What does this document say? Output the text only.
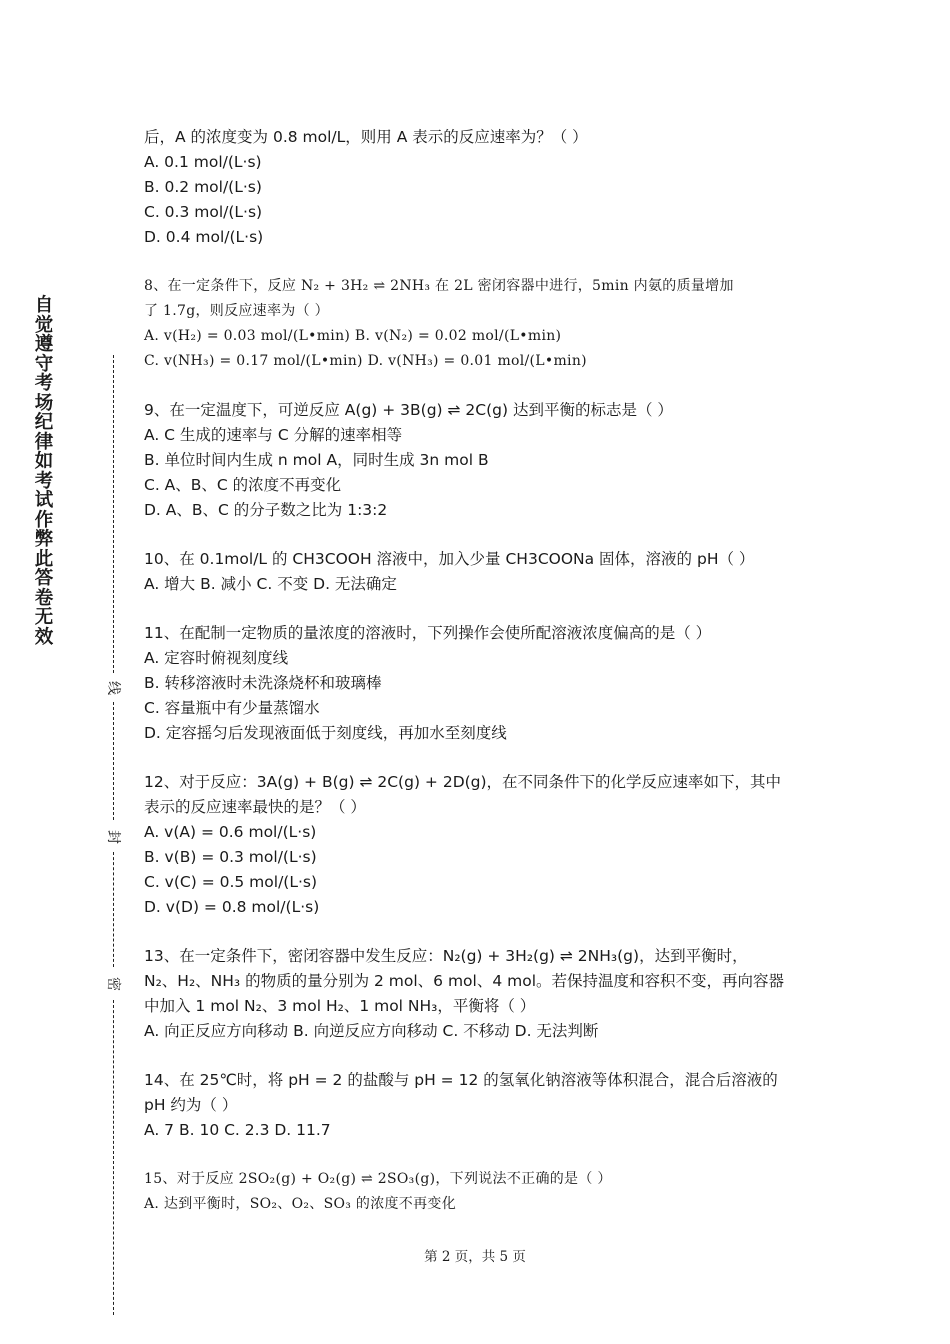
自觉遵守考场纪律如考试作弊此答卷无效
线
封
密
后，A 的浓度变为 0.8 mol/L，则用 A 表示的反应速率为？（ ）
A. 0.1 mol/(L·s)
B. 0.2 mol/(L·s)
C. 0.3 mol/(L·s)
D. 0.4 mol/(L·s)
8、在一定条件下，反应 N₂ + 3H₂ ⇌ 2NH₃ 在 2L 密闭容器中进行，5min 内氨的质量增加
了 1.7g，则反应速率为（ ）
A. v(H₂) = 0.03 mol/(L•min) B. v(N₂) = 0.02 mol/(L•min)
C. v(NH₃) = 0.17 mol/(L•min) D. v(NH₃) = 0.01 mol/(L•min)
9、在一定温度下，可逆反应 A(g) + 3B(g) ⇌ 2C(g) 达到平衡的标志是（ ）
A. C 生成的速率与 C 分解的速率相等
B. 单位时间内生成 n mol A，同时生成 3n mol B
C. A、B、C 的浓度不再变化
D. A、B、C 的分子数之比为 1:3:2
10、在 0.1mol/L 的 CH3COOH 溶液中，加入少量 CH3COONa 固体，溶液的 pH（ ）
A. 增大 B. 减小 C. 不变 D. 无法确定
11、在配制一定物质的量浓度的溶液时，下列操作会使所配溶液浓度偏高的是（ ）
A. 定容时俯视刻度线
B. 转移溶液时未洗涤烧杯和玻璃棒
C. 容量瓶中有少量蒸馏水
D. 定容摇匀后发现液面低于刻度线，再加水至刻度线
12、对于反应：3A(g) + B(g) ⇌ 2C(g) + 2D(g)，在不同条件下的化学反应速率如下，其中
表示的反应速率最快的是？（ ）
A. v(A) = 0.6 mol/(L·s)
B. v(B) = 0.3 mol/(L·s)
C. v(C) = 0.5 mol/(L·s)
D. v(D) = 0.8 mol/(L·s)
13、在一定条件下，密闭容器中发生反应：N₂(g) + 3H₂(g) ⇌ 2NH₃(g)，达到平衡时，
N₂、H₂、NH₃ 的物质的量分别为 2 mol、6 mol、4 mol。若保持温度和容积不变，再向容器
中加入 1 mol N₂、3 mol H₂、1 mol NH₃，平衡将（ ）
A. 向正反应方向移动 B. 向逆反应方向移动 C. 不移动 D. 无法判断
14、在 25℃时，将 pH = 2 的盐酸与 pH = 12 的氢氧化钠溶液等体积混合，混合后溶液的
pH 约为（ ）
A. 7 B. 10 C. 2.3 D. 11.7
15、对于反应 2SO₂(g) + O₂(g) ⇌ 2SO₃(g)，下列说法不正确的是（ ）
A. 达到平衡时，SO₂、O₂、SO₃ 的浓度不再变化
第 2 页，共 5 页
